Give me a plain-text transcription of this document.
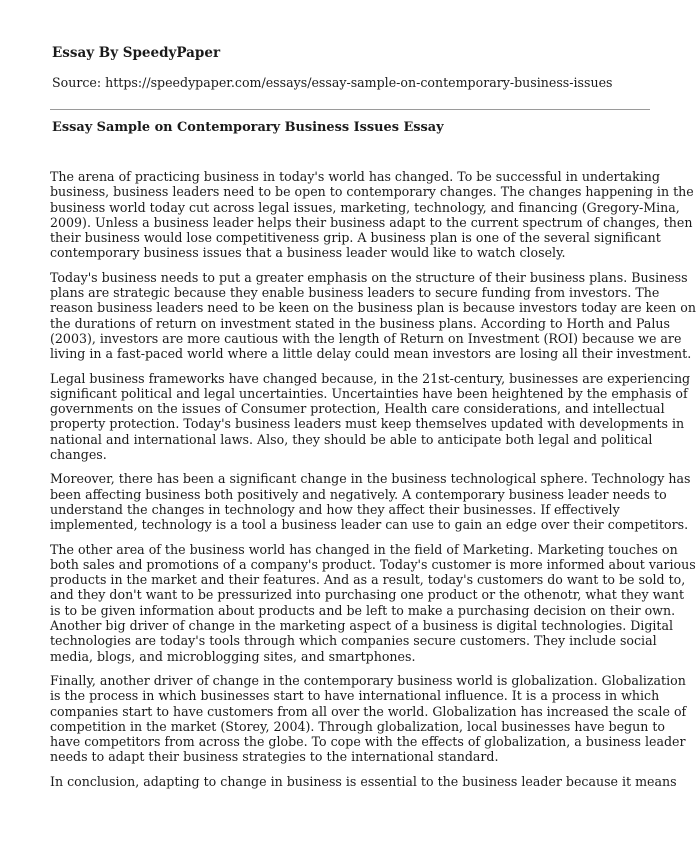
Essay By SpeedyPaper
Source: https://speedypaper.com/essays/essay-sample-on-contemporary-business-issues
Essay Sample on Contemporary Business Issues Essay
The arena of practicing business in today's world has changed. To be successful in undertaking
business, business leaders need to be open to contemporary changes. The changes happening in the
business world today cut across legal issues, marketing, technology, and financing (Gregory-Mina,
2009). Unless a business leader helps their business adapt to the current spectrum of changes, then
their business would lose competitiveness grip. A business plan is one of the several significant
contemporary business issues that a business leader would like to watch closely.
Today's business needs to put a greater emphasis on the structure of their business plans. Business
plans are strategic because they enable business leaders to secure funding from investors. The
reason business leaders need to be keen on the business plan is because investors today are keen on
the durations of return on investment stated in the business plans. According to Horth and Palus
(2003), investors are more cautious with the length of Return on Investment (ROI) because we are
living in a fast-paced world where a little delay could mean investors are losing all their investment.
Legal business frameworks have changed because, in the 21st-century, businesses are experiencing
significant political and legal uncertainties. Uncertainties have been heightened by the emphasis of
governments on the issues of Consumer protection, Health care considerations, and intellectual
property protection. Today's business leaders must keep themselves updated with developments in
national and international laws. Also, they should be able to anticipate both legal and political
changes.
Moreover, there has been a significant change in the business technological sphere. Technology has
been affecting business both positively and negatively. A contemporary business leader needs to
understand the changes in technology and how they affect their businesses. If effectively
implemented, technology is a tool a business leader can use to gain an edge over their competitors.
The other area of the business world has changed in the field of Marketing. Marketing touches on
both sales and promotions of a company's product. Today's customer is more informed about various
products in the market and their features. And as a result, today's customers do want to be sold to,
and they don't want to be pressurized into purchasing one product or the othenotr, what they want
is to be given information about products and be left to make a purchasing decision on their own.
Another big driver of change in the marketing aspect of a business is digital technologies. Digital
technologies are today's tools through which companies secure customers. They include social
media, blogs, and microblogging sites, and smartphones.
Finally, another driver of change in the contemporary business world is globalization. Globalization
is the process in which businesses start to have international influence. It is a process in which
companies start to have customers from all over the world. Globalization has increased the scale of
competition in the market (Storey, 2004). Through globalization, local businesses have begun to
have competitors from across the globe. To cope with the effects of globalization, a business leader
needs to adapt their business strategies to the international standard.
In conclusion, adapting to change in business is essential to the business leader because it means
